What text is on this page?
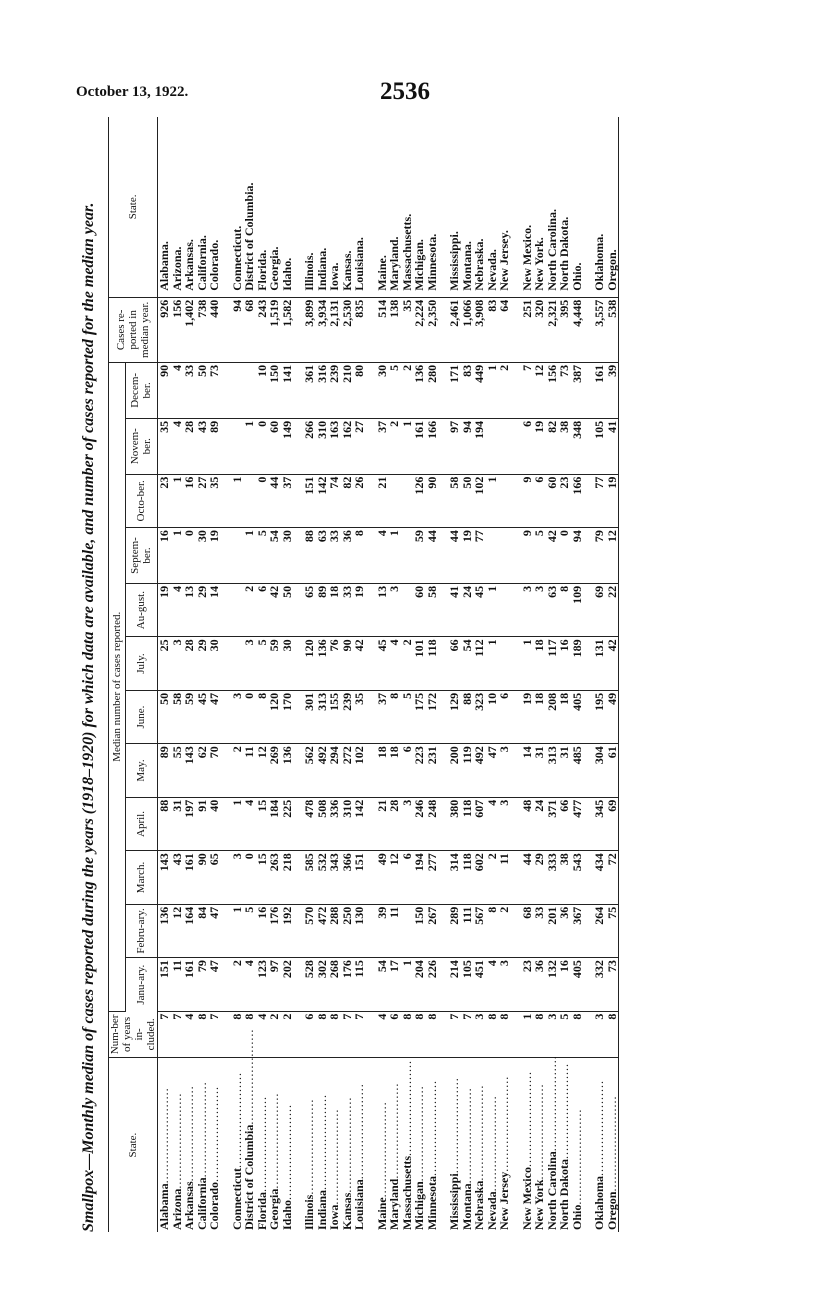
October 13, 1922.	2536
Smallpox—Monthly median of cases reported during the years (1918–1920) for which data are available, and number of cases reported for the median year.	State.	Num-ber of years in-cluded.	Median number of cases reported.												Cases re-ported in median year.	State.
		Janu-ary.	Febru-ary.	March.	April.	May.	June.	July.	Au-gust.	Septem-ber.	Octo-ber.	Novem-ber.	Decem-ber.		
Alabama........................	7	151	136	143	88	89	50	25	19	16	23	35	90	926	Alabama.
Arizona........................	7	11	12	43	31	55	58	3	4	1	1	4	4	156	Arizona.
Arkansas........................	4	161	164	161	197	143	59	28	13	0	16	28	33	1,402	Arkansas.
California........................	8	79	84	90	91	62	45	29	29	30	27	43	50	738	California.
Colorado........................	7	47	47	65	40	70	47	30	14	19	35	89	73	440	Colorado.

Connecticut........................	8	2	1	3	1	2	3				1			94	Connecticut.
District of Columbia........................	8	4	5	0	4	11	0	3	2	1		1		68	District of Columbia.
Florida........................	4	123	16	15	15	12	8	5	6	5	0	0	10	243	Florida.
Georgia........................	2	97	176	263	184	269	120	59	42	54	44	60	150	1,519	Georgia.
Idaho........................	2	202	192	218	225	136	170	30	50	30	37	149	141	1,582	Idaho.

Illinois........................	6	528	570	585	478	562	301	120	65	88	151	266	361	3,899	Illinois.
Indiana........................	8	302	472	532	508	492	313	136	89	63	142	310	316	3,934	Indiana.
Iowa........................	8	268	288	343	336	294	155	76	18	33	74	163	239	2,131	Iowa.
Kansas........................	7	176	250	366	310	272	239	90	33	36	82	162	210	2,530	Kansas.
Louisiana........................	7	115	130	151	142	102	35	42	19	8	26	27	80	835	Louisiana.

Maine........................	4	54	39	49	21	18	37	45	13	4	21	37	30	514	Maine.
Maryland........................	6	17	11	12	28	18	8	4	3	1		2	5	138	Maryland.
Massachusetts........................	8	1		6	3	6	5	2				1	2	35	Massachusetts.
Michigan........................	8	204	150	194	246	223	175	101	60	59	126	161	136	2,224	Michigan.
Minnesota........................	8	226	267	277	248	231	172	118	58	44	90	166	280	2,350	Minnesota.

Mississippi........................	7	214	289	314	380	200	129	66	41	44	58	97	171	2,461	Mississippi.
Montana........................	7	105	111	118	118	119	88	54	24	19	50	94	83	1,066	Montana.
Nebraska........................	3	451	567	602	607	492	323	112	45	77	102	194	449	3,908	Nebraska.
Nevada........................	8	4	8	2	4	47	10	1	1		1		1	83	Nevada.
New Jersey........................	8	3	2	11	3	3	6						2	64	New Jersey.

New Mexico........................	1	23	68	44	48	14	19	1	3	9	9	6	7	251	New Mexico.
New York........................	8	36	33	29	24	31	18	18	3	5	6	19	12	320	New York.
North Carolina........................	3	132	201	333	371	313	208	117	63	42	60	82	156	2,321	North Carolina.
North Dakota........................	5	16	36	38	66	31	18	16	8	0	23	38	73	395	North Dakota.
Ohio........................	8	405	367	543	477	485	405	189	109	94	166	348	387	4,448	Ohio.

Oklahoma........................	3	332	264	434	345	304	195	131	69	79	77	105	161	3,557	Oklahoma.
Oregon........................	8	73	75	72	69	61	49	42	22	12	19	41	39	538	Oregon.
